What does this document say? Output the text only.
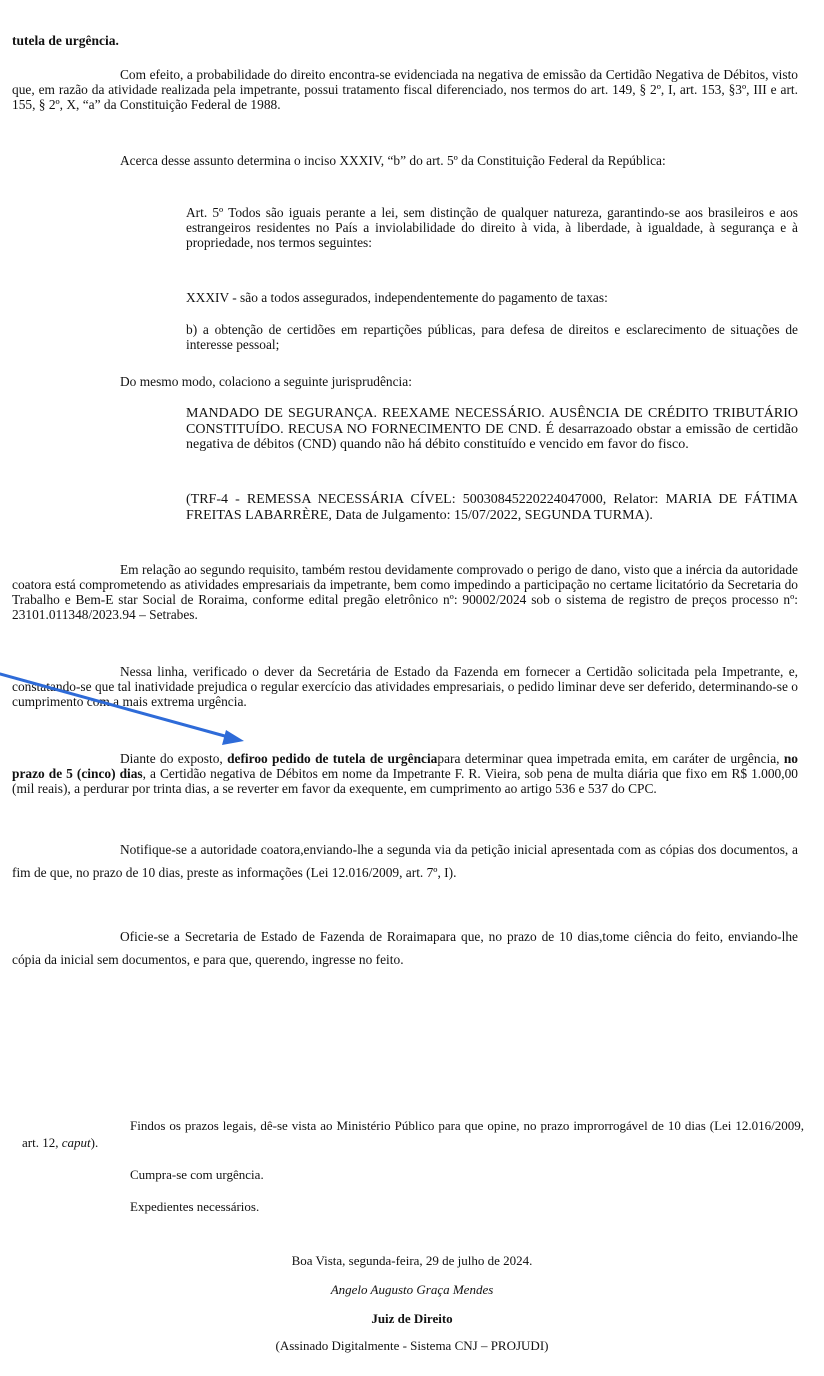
tutela de urgência.

Com efeito, a probabilidade do direito encontra-se evidenciada na negativa de emissão da Certidão Negativa de Débitos, visto que, em razão da atividade realizada pela impetrante, possui tratamento fiscal diferenciado, nos termos do art. 149, § 2º, I, art. 153, §3º, III e art. 155, § 2º, X, “a” da Constituição Federal de 1988.

Acerca desse assunto determina o inciso XXXIV, “b” do art. 5º da Constituição Federal da República:

Art. 5º Todos são iguais perante a lei, sem distinção de qualquer natureza, garantindo-se aos brasileiros e aos estrangeiros residentes no País a inviolabilidade do direito à vida, à liberdade, à igualdade, à segurança e à propriedade, nos termos seguintes:

XXXIV - são a todos assegurados, independentemente do pagamento de taxas:

b) a obtenção de certidões em repartições públicas, para defesa de direitos e esclarecimento de situações de interesse pessoal;

Do mesmo modo, colaciono a seguinte jurisprudência:

MANDADO DE SEGURANÇA. REEXAME NECESSÁRIO. AUSÊNCIA DE CRÉDITO TRIBUTÁRIO CONSTITUÍDO. RECUSA NO FORNECIMENTO DE CND. É desarrazoado obstar a emissão de certidão negativa de débitos (CND) quando não há débito constituído e vencido em favor do fisco.

(TRF-4 - REMESSA NECESSÁRIA CÍVEL: 50030845220224047000, Relator: MARIA DE FÁTIMA FREITAS LABARRÈRE, Data de Julgamento: 15/07/2022, SEGUNDA TURMA).

Em relação ao segundo requisito, também restou devidamente comprovado o perigo de dano, visto que a inércia da autoridade coatora está comprometendo as atividades empresariais da impetrante, bem como impedindo a participação no certame licitatório da Secretaria do Trabalho e Bem-E star Social de Roraima, conforme edital pregão eletrônico nº: 90002/2024 sob o sistema de registro de preços processo nº: 23101.011348/2023.94 – Setrabes.

Nessa linha, verificado o dever da Secretária de Estado da Fazenda em fornecer a Certidão solicitada pela Impetrante, e, constatando-se que tal inatividade prejudica o regular exercício das atividades empresariais, o pedido liminar deve ser deferido, determinando-se o cumprimento com a mais extrema urgência.

Diante do exposto, defiroo pedido de tutela de urgênciapara determinar quea impetrada emita, em caráter de urgência, no prazo de 5 (cinco) dias, a Certidão negativa de Débitos em nome da Impetrante F. R. Vieira, sob pena de multa diária que fixo em R$ 1.000,00 (mil reais), a perdurar por trinta dias, a se reverter em favor da exequente, em cumprimento ao artigo 536 e 537 do CPC.

Notifique-se a autoridade coatora,enviando-lhe a segunda via da petição inicial apresentada com as cópias dos documentos, a fim de que, no prazo de 10 dias, preste as informações (Lei 12.016/2009, art. 7º, I).

Oficie-se a Secretaria de Estado de Fazenda de Roraimapara que, no prazo de 10 dias,tome ciência do feito, enviando-lhe cópia da inicial sem documentos, e para que, querendo, ingresse no feito.

Findos os prazos legais, dê-se vista ao Ministério Público para que opine, no prazo improrrogável de 10 dias (Lei 12.016/2009, art. 12, caput).

Cumpra-se com urgência.
Expedientes necessários.
Boa Vista, segunda-feira, 29 de julho de 2024.
Angelo Augusto Graça Mendes
Juiz de Direito
(Assinado Digitalmente - Sistema CNJ – PROJUDI)
